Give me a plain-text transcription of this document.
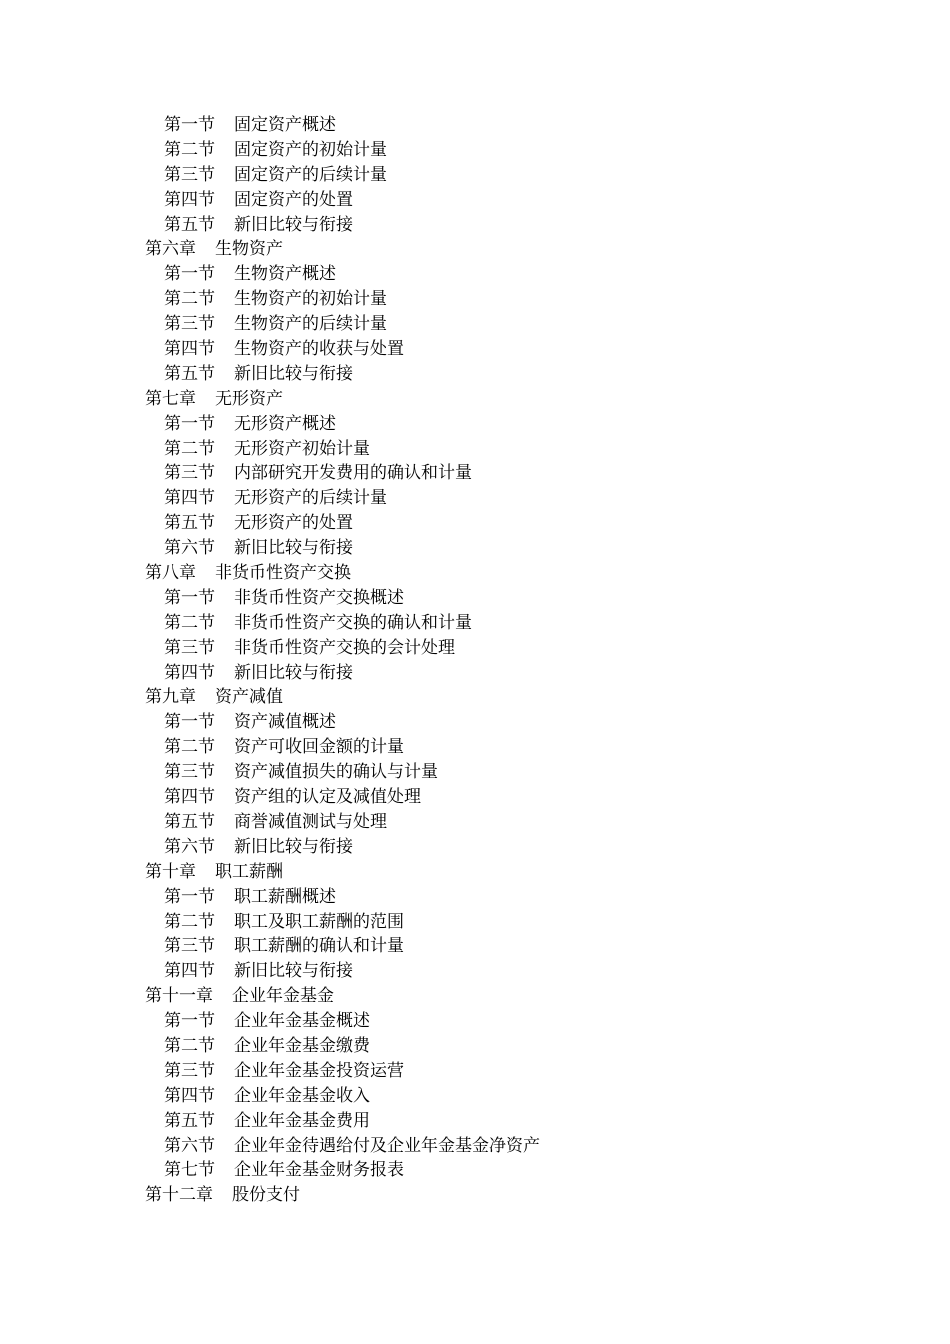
第一节 固定资产概述
第二节 固定资产的初始计量
第三节 固定资产的后续计量
第四节 固定资产的处置
第五节 新旧比较与衔接
第六章 生物资产
第一节 生物资产概述
第二节 生物资产的初始计量
第三节 生物资产的后续计量
第四节 生物资产的收获与处置
第五节 新旧比较与衔接
第七章 无形资产
第一节 无形资产概述
第二节 无形资产初始计量
第三节 内部研究开发费用的确认和计量
第四节 无形资产的后续计量
第五节 无形资产的处置
第六节 新旧比较与衔接
第八章 非货币性资产交换
第一节 非货币性资产交换概述
第二节 非货币性资产交换的确认和计量
第三节 非货币性资产交换的会计处理
第四节 新旧比较与衔接
第九章 资产减值
第一节 资产减值概述
第二节 资产可收回金额的计量
第三节 资产减值损失的确认与计量
第四节 资产组的认定及减值处理
第五节 商誉减值测试与处理
第六节 新旧比较与衔接
第十章 职工薪酬
第一节 职工薪酬概述
第二节 职工及职工薪酬的范围
第三节 职工薪酬的确认和计量
第四节 新旧比较与衔接
第十一章 企业年金基金
第一节 企业年金基金概述
第二节 企业年金基金缴费
第三节 企业年金基金投资运营
第四节 企业年金基金收入
第五节 企业年金基金费用
第六节 企业年金待遇给付及企业年金基金净资产
第七节 企业年金基金财务报表
第十二章 股份支付
